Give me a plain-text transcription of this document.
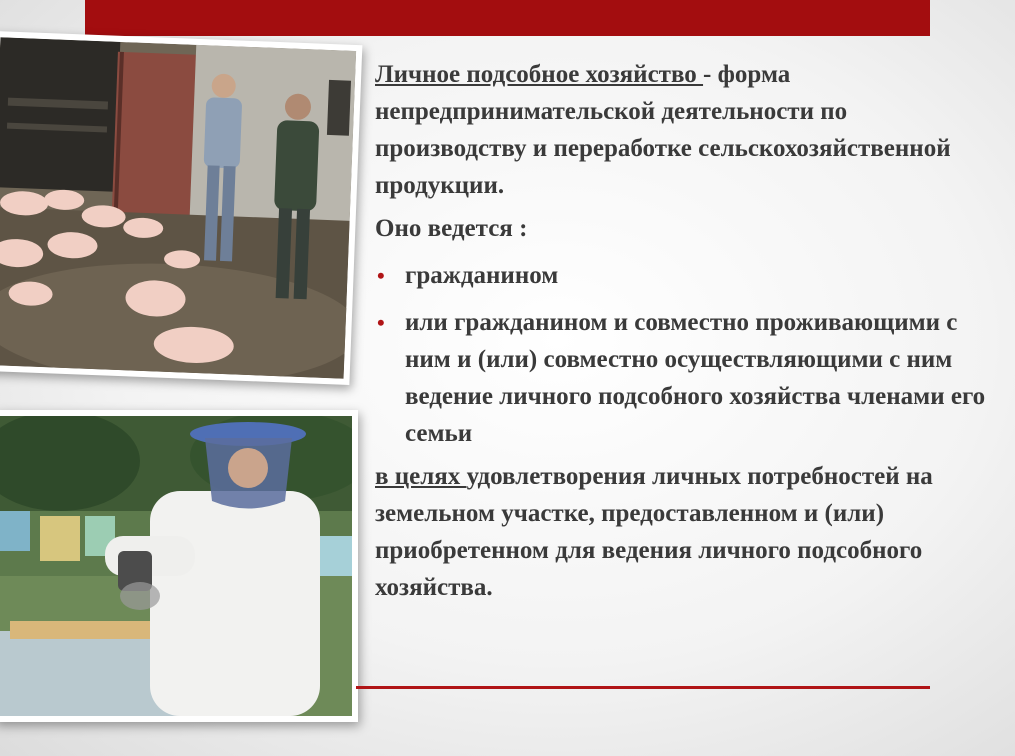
Личное подсобное хозяйство - форма непредпринимательской деятельности по производству и переработке сельскохозяйственной продукции.

Оно ведется :

• гражданином
• или гражданином и совместно проживающими с ним и (или) совместно осуществляющими с ним ведение личного подсобного хозяйства членами его семьи

в целях удовлетворения личных потребностей на земельном участке, предоставленном и (или) приобретенном для ведения личного подсобного хозяйства.
